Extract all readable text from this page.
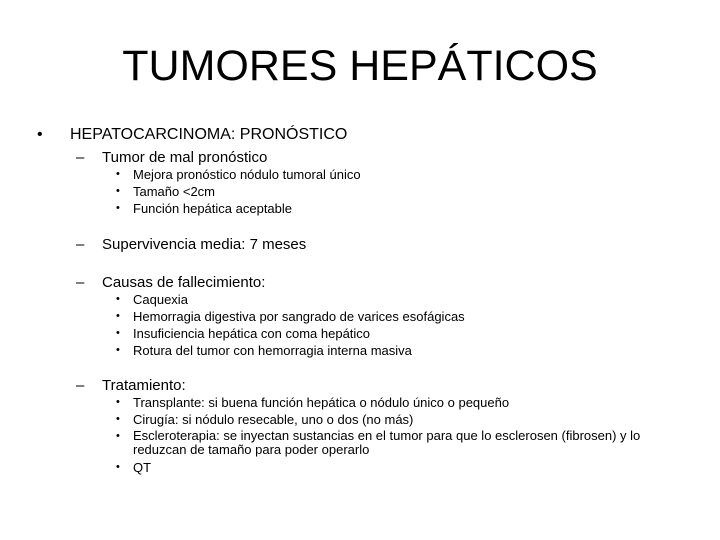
TUMORES HEPÁTICOS
• HEPATOCARCINOMA: PRONÓSTICO
– Tumor de mal pronóstico
• Mejora pronóstico nódulo tumoral único
• Tamaño <2cm
• Función hepática aceptable
– Supervivencia media: 7 meses
– Causas de fallecimiento:
• Caquexia
• Hemorragia digestiva por sangrado de varices esofágicas
• Insuficiencia hepática con coma hepático
• Rotura del tumor con hemorragia interna masiva
– Tratamiento:
• Transplante: si buena función hepática o nódulo único o pequeño
• Cirugía: si nódulo resecable, uno o dos (no más)
• Escleroterapia: se inyectan sustancias en el tumor para que lo esclerosen (fibrosen) y lo reduzcan de tamaño para poder operarlo
• QT
